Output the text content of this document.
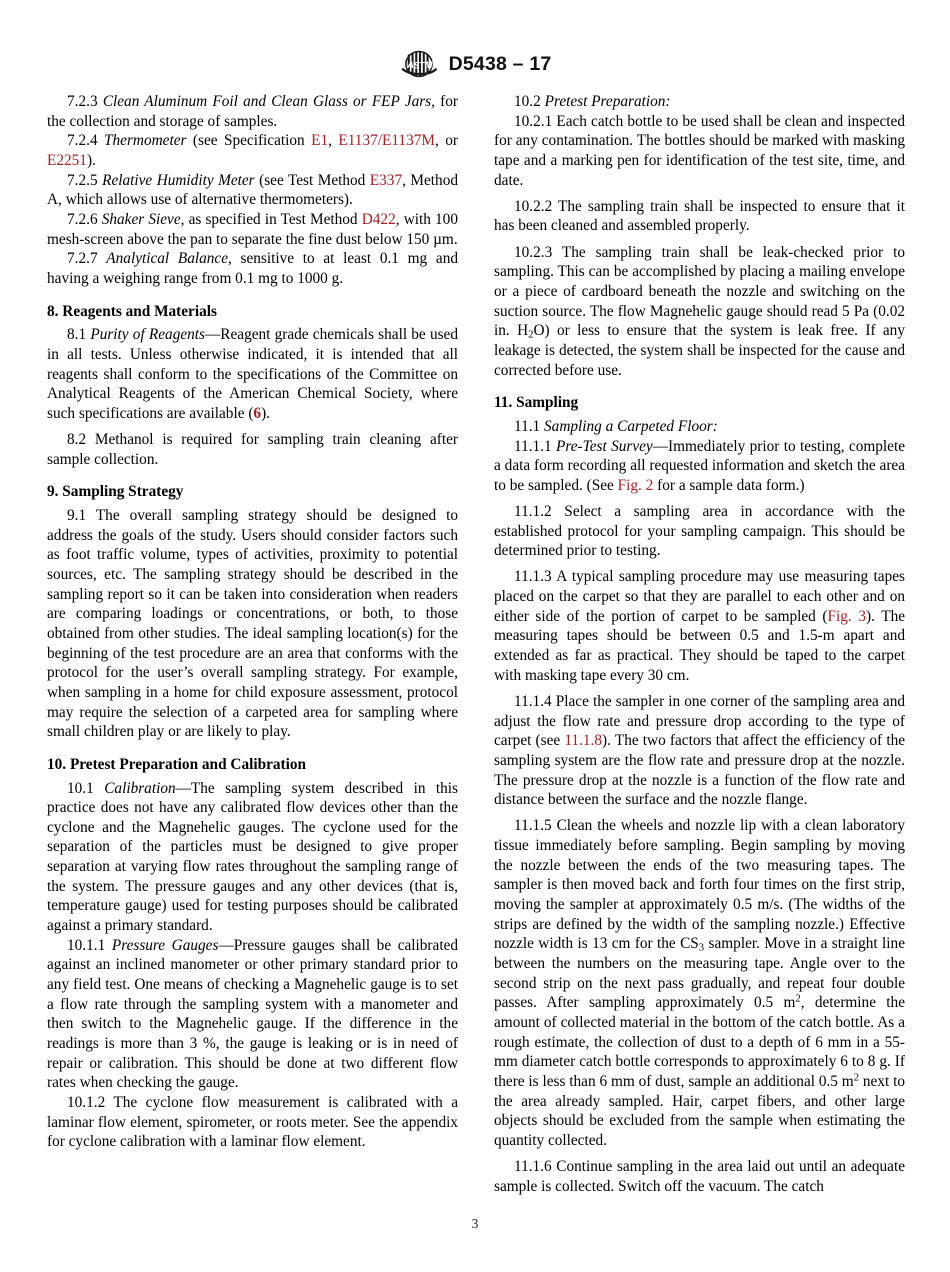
A S T M D5438 – 17

7.2.3 Clean Aluminum Foil and Clean Glass or FEP Jars, for the collection and storage of samples.

7.2.4 Thermometer (see Specification E1, E1137/E1137M, or E2251).

7.2.5 Relative Humidity Meter (see Test Method E337, Method A, which allows use of alternative thermometers).

7.2.6 Shaker Sieve, as specified in Test Method D422, with 100 mesh-screen above the pan to separate the fine dust below 150 µm.

7.2.7 Analytical Balance, sensitive to at least 0.1 mg and having a weighing range from 0.1 mg to 1000 g.

8. Reagents and Materials

8.1 Purity of Reagents—Reagent grade chemicals shall be used in all tests. Unless otherwise indicated, it is intended that all reagents shall conform to the specifications of the Committee on Analytical Reagents of the American Chemical Society, where such specifications are available (6).

8.2 Methanol is required for sampling train cleaning after sample collection.

9. Sampling Strategy

9.1 The overall sampling strategy should be designed to address the goals of the study. Users should consider factors such as foot traffic volume, types of activities, proximity to potential sources, etc. The sampling strategy should be described in the sampling report so it can be taken into consideration when readers are comparing loadings or concentrations, or both, to those obtained from other studies. The ideal sampling location(s) for the beginning of the test procedure are an area that conforms with the protocol for the user’s overall sampling strategy. For example, when sampling in a home for child exposure assessment, protocol may require the selection of a carpeted area for sampling where small children play or are likely to play.

10. Pretest Preparation and Calibration

10.1 Calibration—The sampling system described in this practice does not have any calibrated flow devices other than the cyclone and the Magnehelic gauges. The cyclone used for the separation of the particles must be designed to give proper separation at varying flow rates throughout the sampling range of the system. The pressure gauges and any other devices (that is, temperature gauge) used for testing purposes should be calibrated against a primary standard.

10.1.1 Pressure Gauges—Pressure gauges shall be calibrated against an inclined manometer or other primary standard prior to any field test. One means of checking a Magnehelic gauge is to set a flow rate through the sampling system with a manometer and then switch to the Magnehelic gauge. If the difference in the readings is more than 3 %, the gauge is leaking or is in need of repair or calibration. This should be done at two different flow rates when checking the gauge.

10.1.2 The cyclone flow measurement is calibrated with a laminar flow element, spirometer, or roots meter. See the appendix for cyclone calibration with a laminar flow element.

10.2 Pretest Preparation:

10.2.1 Each catch bottle to be used shall be clean and inspected for any contamination. The bottles should be marked with masking tape and a marking pen for identification of the test site, time, and date.

10.2.2 The sampling train shall be inspected to ensure that it has been cleaned and assembled properly.

10.2.3 The sampling train shall be leak-checked prior to sampling. This can be accomplished by placing a mailing envelope or a piece of cardboard beneath the nozzle and switching on the suction source. The flow Magnehelic gauge should read 5 Pa (0.02 in. $H_2O$) or less to ensure that the system is leak free. If any leakage is detected, the system shall be inspected for the cause and corrected before use.

11. Sampling

11.1 Sampling a Carpeted Floor:

11.1.1 Pre-Test Survey—Immediately prior to testing, complete a data form recording all requested information and sketch the area to be sampled. (See Fig. 2 for a sample data form.)

11.1.2 Select a sampling area in accordance with the established protocol for your sampling campaign. This should be determined prior to testing.

11.1.3 A typical sampling procedure may use measuring tapes placed on the carpet so that they are parallel to each other and on either side of the portion of carpet to be sampled (Fig. 3). The measuring tapes should be between 0.5 and 1.5-m apart and extended as far as practical. They should be taped to the carpet with masking tape every 30 cm.

11.1.4 Place the sampler in one corner of the sampling area and adjust the flow rate and pressure drop according to the type of carpet (see 11.1.8). The two factors that affect the efficiency of the sampling system are the flow rate and pressure drop at the nozzle. The pressure drop at the nozzle is a function of the flow rate and distance between the surface and the nozzle flange.

11.1.5 Clean the wheels and nozzle lip with a clean laboratory tissue immediately before sampling. Begin sampling by moving the nozzle between the ends of the two measuring tapes. The sampler is then moved back and forth four times on the first strip, moving the sampler at approximately 0.5 m/s. (The widths of the strips are defined by the width of the sampling nozzle.) Effective nozzle width is 13 cm for the $CS_3$ sampler. Move in a straight line between the numbers on the measuring tape. Angle over to the second strip on the next pass gradually, and repeat four double passes. After sampling approximately 0.5 $m^2$, determine the amount of collected material in the bottom of the catch bottle. As a rough estimate, the collection of dust to a depth of 6 mm in a 55-mm diameter catch bottle corresponds to approximately 6 to 8 g. If there is less than 6 mm of dust, sample an additional 0.5 $m^2$ next to the area already sampled. Hair, carpet fibers, and other large objects should be excluded from the sample when estimating the quantity collected.

11.1.6 Continue sampling in the area laid out until an adequate sample is collected. Switch off the vacuum. The catch

3
